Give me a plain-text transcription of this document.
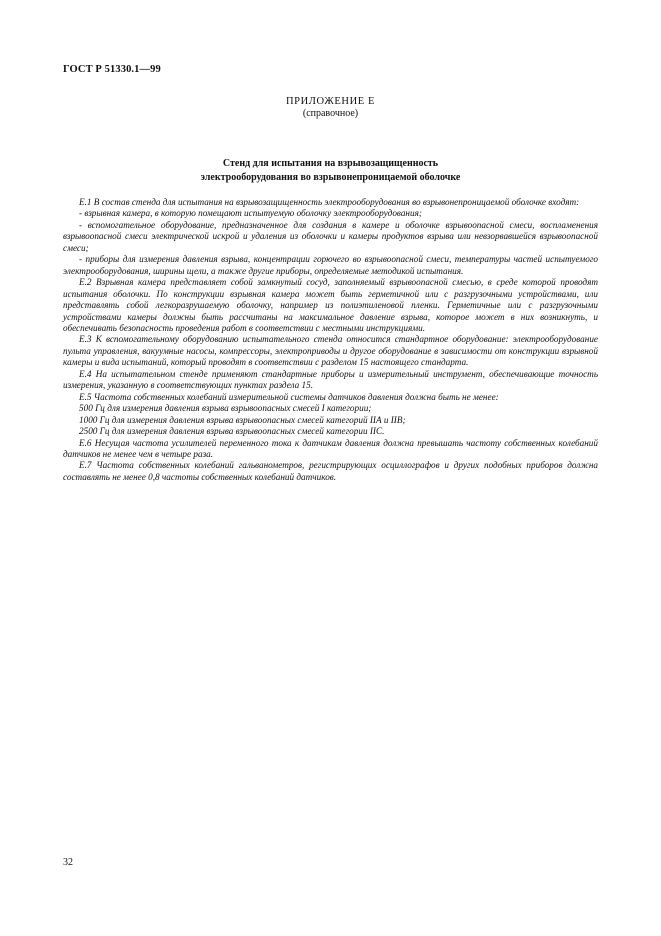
ГОСТ Р 51330.1—99
ПРИЛОЖЕНИЕ Е
(справочное)
Стенд для испытания на взрывозащищенность
электрооборудования во взрывонепроницаемой оболочке

Е.1 В состав стенда для испытания на взрывозащищенность электрооборудования во взрывонепроницаемой оболочке входят:

- взрывная камера, в которую помещают испытуемую оболочку электрооборудования;

- вспомогательное оборудование, предназначенное для создания в камере и оболочке взрывоопасной смеси, воспламенения взрывоопасной смеси электрической искрой и удаления из оболочки и камеры продуктов взрыва или невзорвавшейся взрывоопасной смеси;

- приборы для измерения давления взрыва, концентрации горючего во взрывоопасной смеси, температуры частей испытуемого электрооборудования, ширины щели, а также другие приборы, определяемые методикой испытания.

Е.2 Взрывная камера представляет собой замкнутый сосуд, заполняемый взрывоопасной смесью, в среде которой проводят испытания оболочки. По конструкции взрывная камера может быть герметичной или с разгрузочными устройствами, или представлять собой легкоразрушаемую оболочку, например из полиэтиленовой пленки. Герметичные или с разгрузочными устройствами камеры должны быть рассчитаны на максимальное давление взрыва, которое может в них возникнуть, и обеспечивать безопасность проведения работ в соответствии с местными инструкциями.

Е.3 К вспомогательному оборудованию испытательного стенда относится стандартное оборудование: электрооборудование пульта управления, вакуумные насосы, компрессоры, электроприводы и другое оборудование в зависимости от конструкции взрывной камеры и вида испытаний, который проводят в соответствии с разделом 15 настоящего стандарта.

Е.4 На испытательном стенде применяют стандартные приборы и измерительный инструмент, обеспечивающие точность измерения, указанную в соответствующих пунктах раздела 15.

Е.5 Частота собственных колебаний измерительной системы датчиков давления должна быть не менее:

500 Гц для измерения давления взрыва взрывоопасных смесей I категории;

1000 Гц для измерения давления взрыва взрывоопасных смесей категорий IIА и IIВ;

2500 Гц для измерения давления взрыва взрывоопасных смесей категории IIС.

Е.6 Несущая частота усилителей переменного тока к датчикам давления должна превышать частоту собственных колебаний датчиков не менее чем в четыре раза.

Е.7 Частота собственных колебаний гальванометров, регистрирующих осциллографов и других подобных приборов должна составлять не менее 0,8 частоты собственных колебаний датчиков.

32
